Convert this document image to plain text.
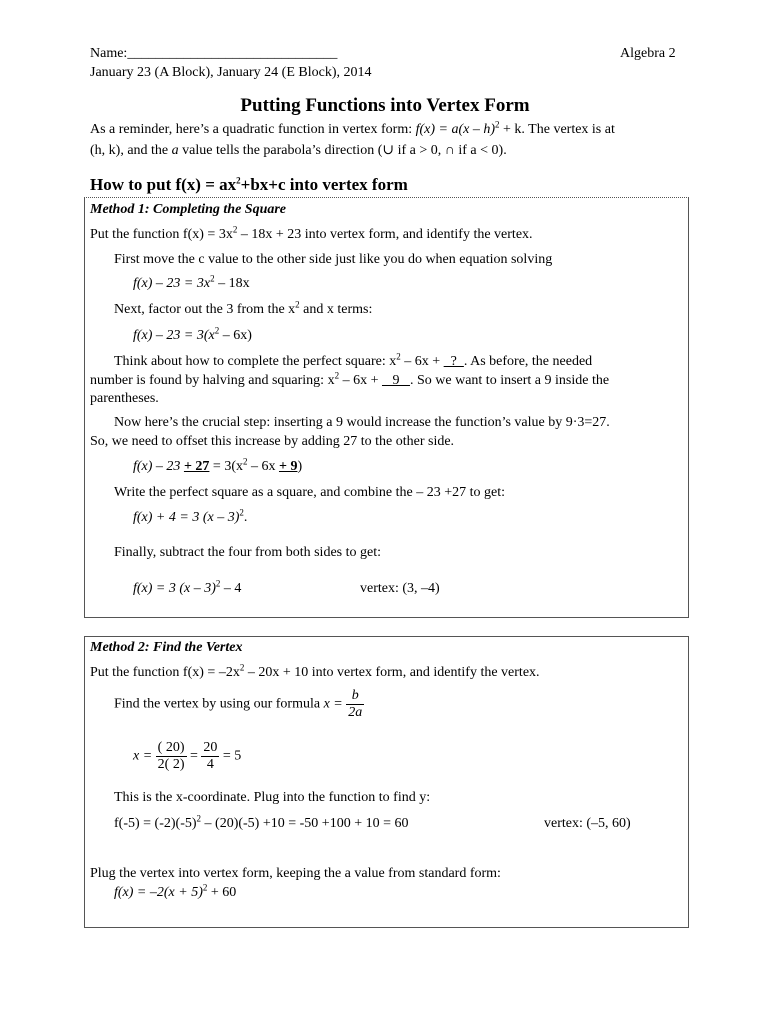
Name:______________________________	Algebra 2
January 23 (A Block), January 24 (E Block), 2014
Putting Functions into Vertex Form
As a reminder, here’s a quadratic function in vertex form: f(x) = a(x – h)$^2$ + k. The vertex is at
(h, k), and the a value tells the parabola’s direction (∪ if a > 0, ∩ if a < 0).
How to put $f(x) = ax^2+bx+c$ into vertex form
Method 1: Completing the Square
Put the function $f(x) = 3x^2 - 18x + 23$ into vertex form, and identify the vertex.
First move the c value to the other side just like you do when equation solving
$f(x) - 23 = 3x^2 - 18x$
Next, factor out the 3 from the $x^2$ and x terms:
$f(x) - 23 = 3(x^2 - 6x)$
Think about how to complete the perfect square: $x^2 - 6x$ +   ?  . As before, the needed
number is found by halving and squaring: $x^2 - 6x$ +    9   . So we want to insert a 9 inside the
parentheses.
Now here’s the crucial step: inserting a 9 would increase the function’s value by 9·3=27.
So, we need to offset this increase by adding 27 to the other side.
$f(x) - 23 + 27 = 3(x^2 - 6x + 9)$
Write the perfect square as a square, and combine the – 23 +27 to get:
f(x) + 4 = 3 (x – 3)$^2$.
Finally, subtract the four from both sides to get:
f(x) = 3 (x – 3)$^2$ – 4	vertex: (3, –4)
Method 2: Find the Vertex
Put the function $f(x) = -2x^2 - 20x + 10$ into vertex form, and identify the vertex.
Find the vertex by using our formula $x = \frac{b}{2a}$
$x = \frac{( 20)}{2( 2)} = \frac{20}{4} = 5$
This is the x-coordinate. Plug into the function to find y:
$f(-5) = (-2)(-5)^2 - (20)(-5) +10 = -50 +100 + 10 = 60$	vertex: (–5, 60)
Plug the vertex into vertex form, keeping the a value from standard form:
$f(x) = -2(x + 5)^2 + 60$
